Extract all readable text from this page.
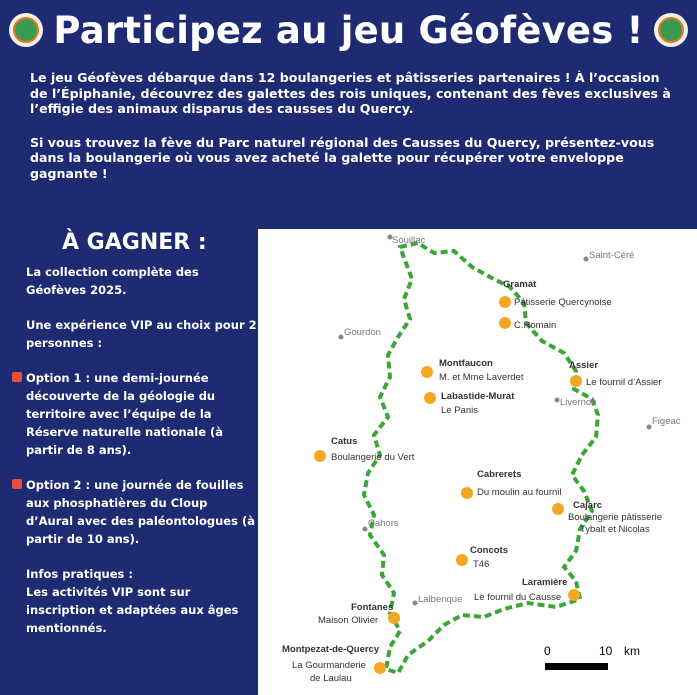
Participez au jeu Géofèves !

Le jeu Géofèves débarque dans 12 boulangeries et pâtisseries partenaires ! À l’occasion de l’Épiphanie, découvrez des galettes des rois uniques, contenant des fèves exclusives à l’effigie des animaux disparus des causses du Quercy.

Si vous trouvez la fève du Parc naturel régional des Causses du Quercy, présentez-vous dans la boulangerie où vous avez acheté la galette pour récupérer votre enveloppe gagnante !

À GAGNER :

La collection complète des Géofèves 2025.

Une expérience VIP au choix pour 2 personnes :

Option 1 : une demi-journée découverte de la géologie du territoire avec l’équipe de la Réserve naturelle nationale (à partir de 8 ans).

Option 2 : une journée de fouilles aux phosphatières du Cloup d’Aural avec des paléontologues (à partir de 10 ans).

Infos pratiques :

Les activités VIP sont sur inscription et adaptées aux âges mentionnés.

Souillac
Saint-Céré
Gourdon
Livernon
Figeac
Cahors
Lalbenque
Gramat
Pâtisserie Quercynoise
C.Romain
Assier
Le fournil d’Assier
Montfaucon
M. et Mme Laverdet
Labastide-Murat
Le Panis
Catus
Boulangerie du Vert
Cabrerets
Du moulin au fournil
Cajarc
Boulangerie pâtisserie
Tybalt et Nicolas
Concots
T46
Laramière
Le fournil du Causse
Fontanes
Maison Olivier
Montpezat-de-Quercy
La Gourmanderie
de Laulau
0	10 km
